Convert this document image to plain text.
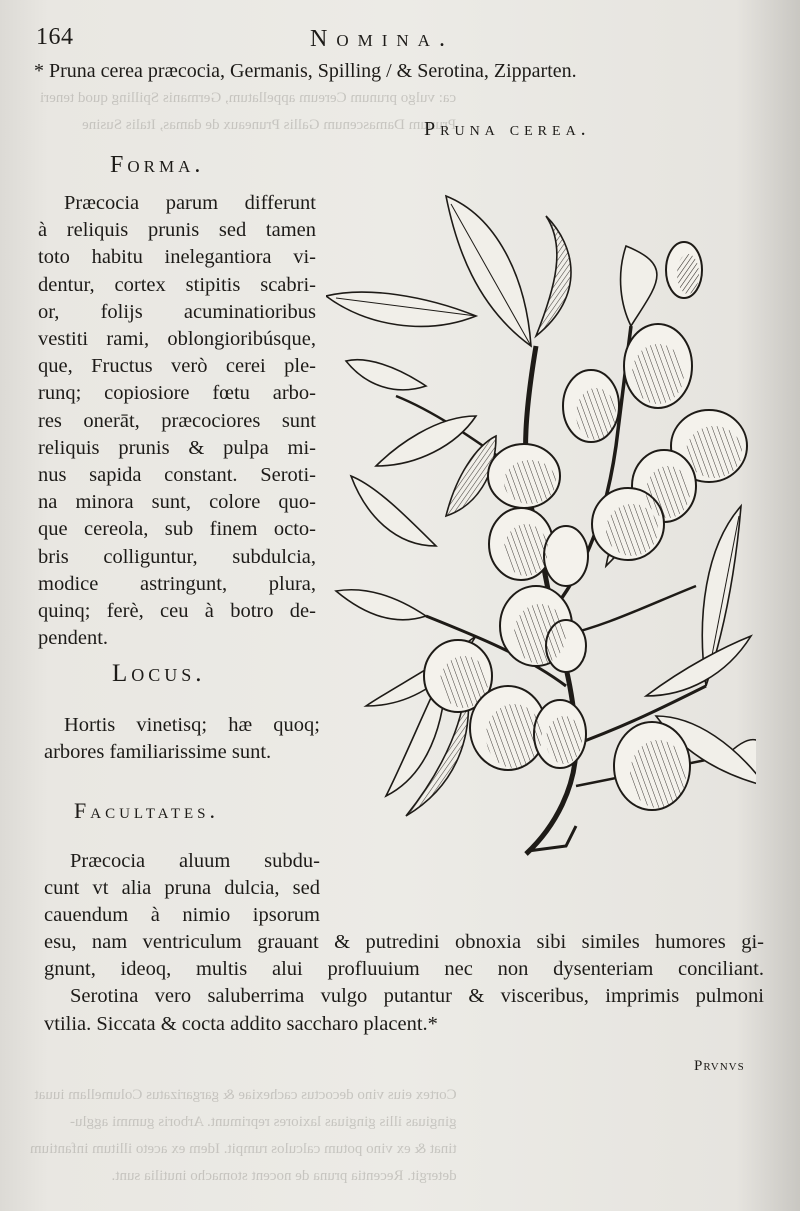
ca: vulgo prunum Cereum appellatum, Germanis Spilling quod teneri
Prunum Damascenum Gallis Pruneaux de damas, Italis Susine
Cortex eius vino decoctus cachexiae & gargarizatus Columellam iuuat
gingiuas illis gingiuas laxiores reprimunt. Arboris gummi agglu-
tinat & ex vino potum calculos rumpit. Idem ex aceto illitum infantium
detergit. Recentia pruna de nocent stomacho inutilia sunt.
164	Nomina.
* Pruna cerea præcocia, Germanis, Spilling / & Serotina, Zipparten.
Pruna cerea.
Forma.
Præcocia parum differunt
à reliquis prunis sed tamen
toto habitu inelegantiora vi-
dentur, cortex stipitis scabri-
or, folijs acuminatioribus
vestiti rami, oblongioribúsque,
que, Fructus verò cerei ple-
runq; copiosiore fœtu arbo-
res onerāt, præcociores sunt
reliquis prunis & pulpa mi-
nus sapida constant. Seroti-
na minora sunt, colore quo-
que cereola, sub finem octo-
bris colliguntur, subdulcia,
modice astringunt, plura,
quinq; ferè, ceu à botro de-
pendent.
Locus.
Hortis vinetisq; hæ quoq;
arbores familiarissime sunt.
Facultates.
Præcocia aluum subdu-
cunt vt alia pruna dulcia, sed
cauendum à nimio ipsorum
esu, nam ventriculum grauant & putredini obnoxia sibi similes humores gi-
gnunt, ideoq, multis alui profluuium nec non dysenteriam conciliant.
Serotina vero saluberrima vulgo putantur & visceribus, imprimis pulmoni
vtilia. Siccata & cocta addito saccharo placent.*
Prvnvs
